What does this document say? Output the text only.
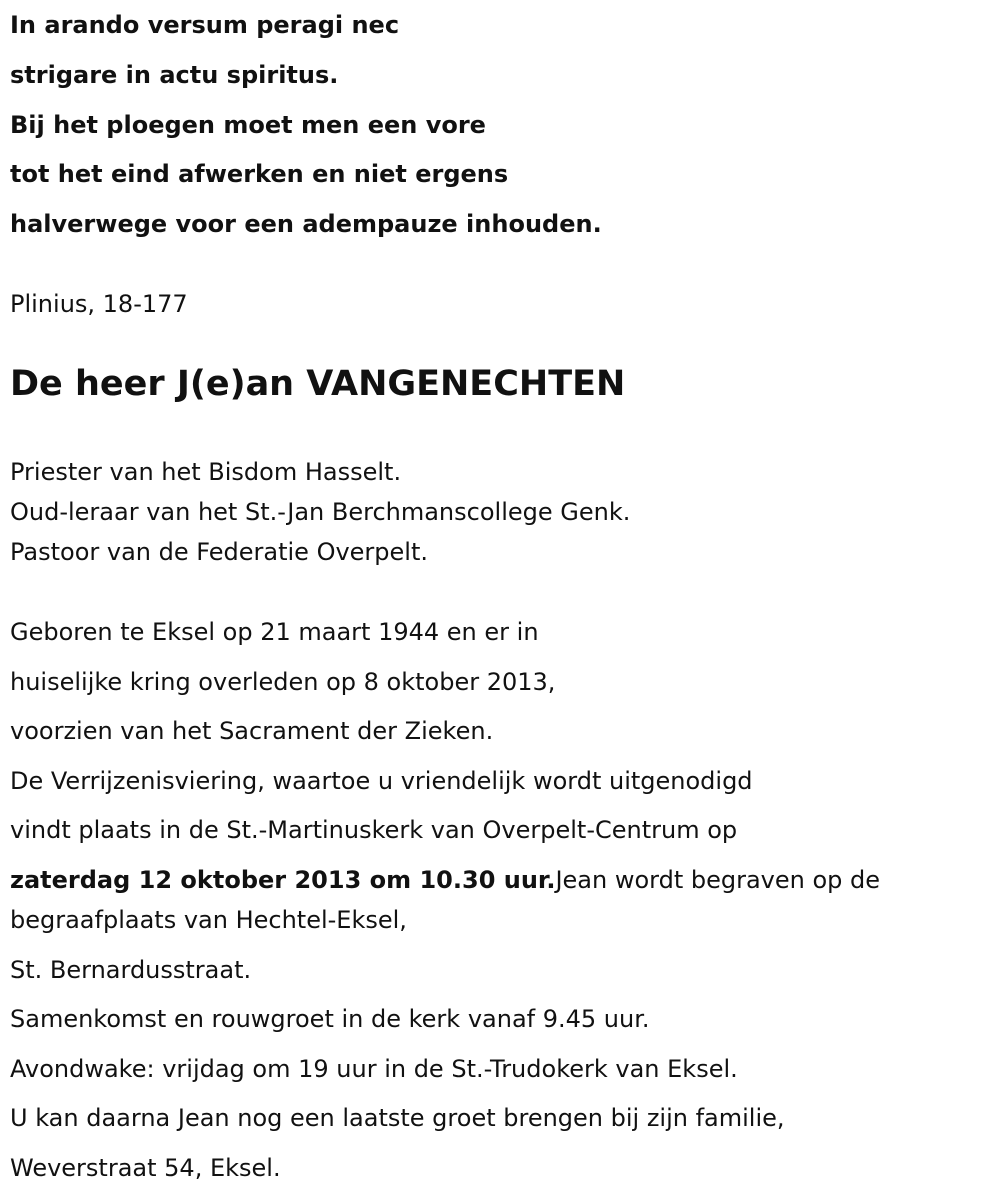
In arando versum peragi nec
strigare in actu spiritus.
Bij het ploegen moet men een vore
tot het eind afwerken en niet ergens
halverwege voor een adempauze inhouden.
Plinius, 18-177
De heer J(e)an VANGENECHTEN
Priester van het Bisdom Hasselt.
Oud-leraar van het St.-Jan Berchmanscollege Genk.
Pastoor van de Federatie Overpelt.
Geboren te Eksel op 21 maart 1944 en er in
huiselijke kring overleden op 8 oktober 2013,
voorzien van het Sacrament der Zieken.
De Verrijzenisviering, waartoe u vriendelijk wordt uitgenodigd
vindt plaats in de St.-Martinuskerk van Overpelt-Centrum op
zaterdag 12 oktober 2013 om 10.30 uur.Jean wordt begraven op de
begraafplaats van Hechtel-Eksel,
St. Bernardusstraat.
Samenkomst en rouwgroet in de kerk vanaf 9.45 uur.
Avondwake: vrijdag om 19 uur in de St.-Trudokerk van Eksel.
U kan daarna Jean nog een laatste groet brengen bij zijn familie,
Weverstraat 54, Eksel.
